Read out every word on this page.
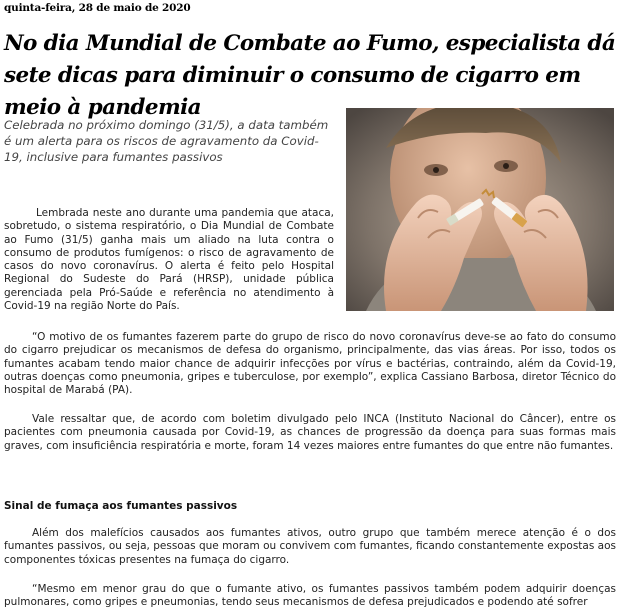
quinta-feira, 28 de maio de 2020
No dia Mundial de Combate ao Fumo, especialista dá sete dicas para diminuir o consumo de cigarro em meio à pandemia

Celebrada no próximo domingo (31/5), a data também é um alerta para os riscos de agravamento da Covid-19, inclusive para fumantes passivos

Lembrada neste ano durante uma pandemia que ataca, sobretudo, o sistema respiratório, o Dia Mundial de Combate ao Fumo (31/5) ganha mais um aliado na luta contra o consumo de produtos fumígenos: o risco de agravamento de casos do novo coronavírus. O alerta é feito pelo Hospital Regional do Sudeste do Pará (HRSP), unidade pública gerenciada pela Pró-Saúde e referência no atendimento à Covid-19 na região Norte do País.

“O motivo de os fumantes fazerem parte do grupo de risco do novo coronavírus deve-se ao fato do consumo do cigarro prejudicar os mecanismos de defesa do organismo, principalmente, das vias áreas. Por isso, todos os fumantes acabam tendo maior chance de adquirir infecções por vírus e bactérias, contraindo, além da Covid-19, outras doenças como pneumonia, gripes e tuberculose, por exemplo”, explica Cassiano Barbosa, diretor Técnico do hospital de Marabá (PA).

Vale ressaltar que, de acordo com boletim divulgado pelo INCA (Instituto Nacional do Câncer), entre os pacientes com pneumonia causada por Covid-19, as chances de progressão da doença para suas formas mais graves, com insuficiência respiratória e morte, foram 14 vezes maiores entre fumantes do que entre não fumantes.

Sinal de fumaça aos fumantes passivos

Além dos malefícios causados aos fumantes ativos, outro grupo que também merece atenção é o dos fumantes passivos, ou seja, pessoas que moram ou convivem com fumantes, ficando constantemente expostas aos componentes tóxicas presentes na fumaça do cigarro.

“Mesmo em menor grau do que o fumante ativo, os fumantes passivos também podem adquirir doenças pulmonares, como gripes e pneumonias, tendo seus mecanismos de defesa prejudicados e podendo até sofrer
